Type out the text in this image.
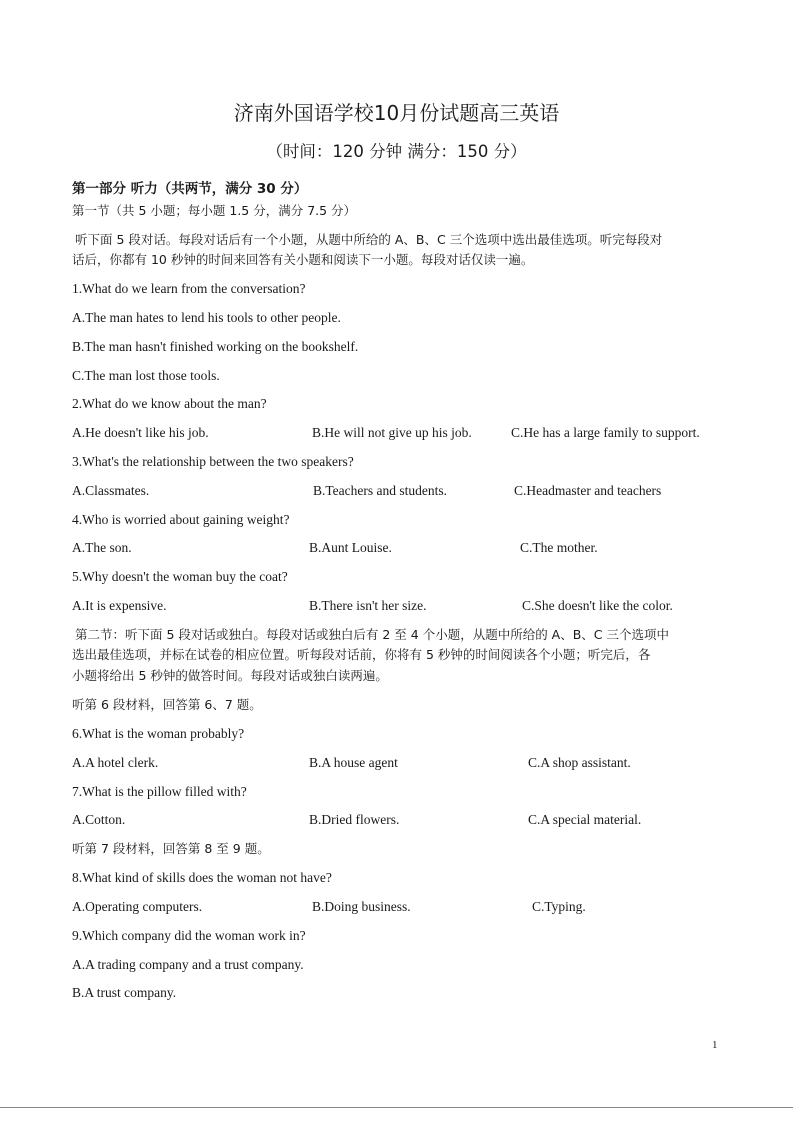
济南外国语学校10月份试题高三英语
（时间：120 分钟 满分：150 分）
第一部分 听力（共两节，满分 30 分）
第一节（共 5 小题；每小题 1.5 分，满分 7.5 分）
听下面 5 段对话。每段对话后有一个小题，从题中所给的 A、B、C 三个选项中选出最佳选项。听完每段对
话后，你都有 10 秒钟的时间来回答有关小题和阅读下一小题。每段对话仅读一遍。
1.What do we learn from the conversation?
A.The man hates to lend his tools to other people.
B.The man hasn't finished working on the bookshelf.
C.The man lost those tools.
2.What do we know about the man?
A.He doesn't like his job.	B.He will not give up his job.	C.He has a large family to support.
3.What's the relationship between the two speakers?
A.Classmates.	B.Teachers and students.	C.Headmaster and teachers
4.Who is worried about gaining weight?
A.The son.	B.Aunt Louise.	C.The mother.
5.Why doesn't the woman buy the coat?
A.It is expensive.	B.There isn't her size.	C.She doesn't like the color.
第二节：听下面 5 段对话或独白。每段对话或独白后有 2 至 4 个小题，从题中所给的 A、B、C 三个选项中
选出最佳选项，并标在试卷的相应位置。听每段对话前，你将有 5 秒钟的时间阅读各个小题；听完后，各
小题将给出 5 秒钟的做答时间。每段对话或独白读两遍。
听第 6 段材料，回答第 6、7 题。
6.What is the woman probably?
A.A hotel clerk.	B.A house agent	C.A shop assistant.
7.What is the pillow filled with?
A.Cotton.	B.Dried flowers.	C.A special material.
听第 7 段材料，回答第 8 至 9 题。
8.What kind of skills does the woman not have?
A.Operating computers.	B.Doing business.	C.Typing.
9.Which company did the woman work in?
A.A trading company and a trust company.
B.A trust company.
1
